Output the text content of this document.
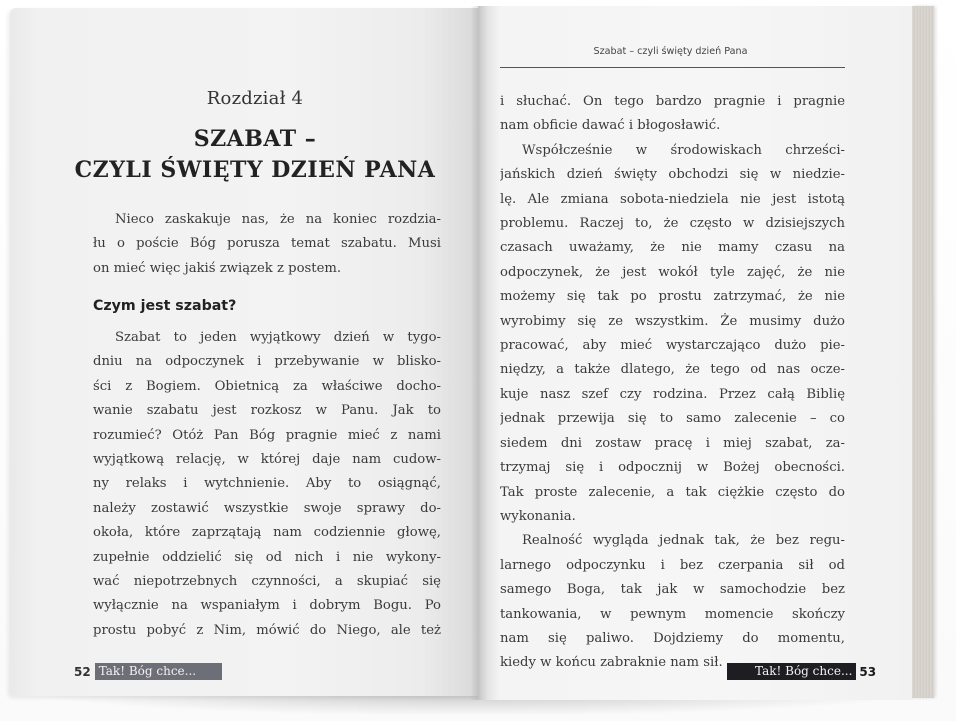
Rozdział 4
SZABAT –
CZYLI ŚWIĘTY DZIEŃ PANA
Nieco zaskakuje nas, że na koniec rozdzia-
łu o poście Bóg porusza temat szabatu. Musi
on mieć więc jakiś związek z postem.
Czym jest szabat?
Szabat to jeden wyjątkowy dzień w tygo-
dniu na odpoczynek i przebywanie w blisko-
ści z Bogiem. Obietnicą za właściwe docho-
wanie szabatu jest rozkosz w Panu. Jak to
rozumieć? Otóż Pan Bóg pragnie mieć z nami
wyjątkową relację, w której daje nam cudow-
ny relaks i wytchnienie. Aby to osiągnąć,
należy zostawić wszystkie swoje sprawy do-
okoła, które zaprzątają nam codziennie głowę,
zupełnie oddzielić się od nich i nie wykony-
wać niepotrzebnych czynności, a skupiać się
wyłącznie na wspaniałym i dobrym Bogu. Po
prostu pobyć z Nim, mówić do Niego, ale też
52 Tak! Bóg chce...
Szabat – czyli święty dzień Pana
i słuchać. On tego bardzo pragnie i pragnie
nam obficie dawać i błogosławić.
Współcześnie w środowiskach chrześci-
jańskich dzień święty obchodzi się w niedzie-
lę. Ale zmiana sobota-niedziela nie jest istotą
problemu. Raczej to, że często w dzisiejszych
czasach uważamy, że nie mamy czasu na
odpoczynek, że jest wokół tyle zajęć, że nie
możemy się tak po prostu zatrzymać, że nie
wyrobimy się ze wszystkim. Że musimy dużo
pracować, aby mieć wystarczająco dużo pie-
niędzy, a także dlatego, że tego od nas ocze-
kuje nasz szef czy rodzina. Przez całą Biblię
jednak przewija się to samo zalecenie – co
siedem dni zostaw pracę i miej szabat, za-
trzymaj się i odpocznij w Bożej obecności.
Tak proste zalecenie, a tak ciężkie często do
wykonania.
Realność wygląda jednak tak, że bez regu-
larnego odpoczynku i bez czerpania sił od
samego Boga, tak jak w samochodzie bez
tankowania, w pewnym momencie skończy
nam się paliwo. Dojdziemy do momentu,
kiedy w końcu zabraknie nam sił.
Tak! Bóg chce... 53
